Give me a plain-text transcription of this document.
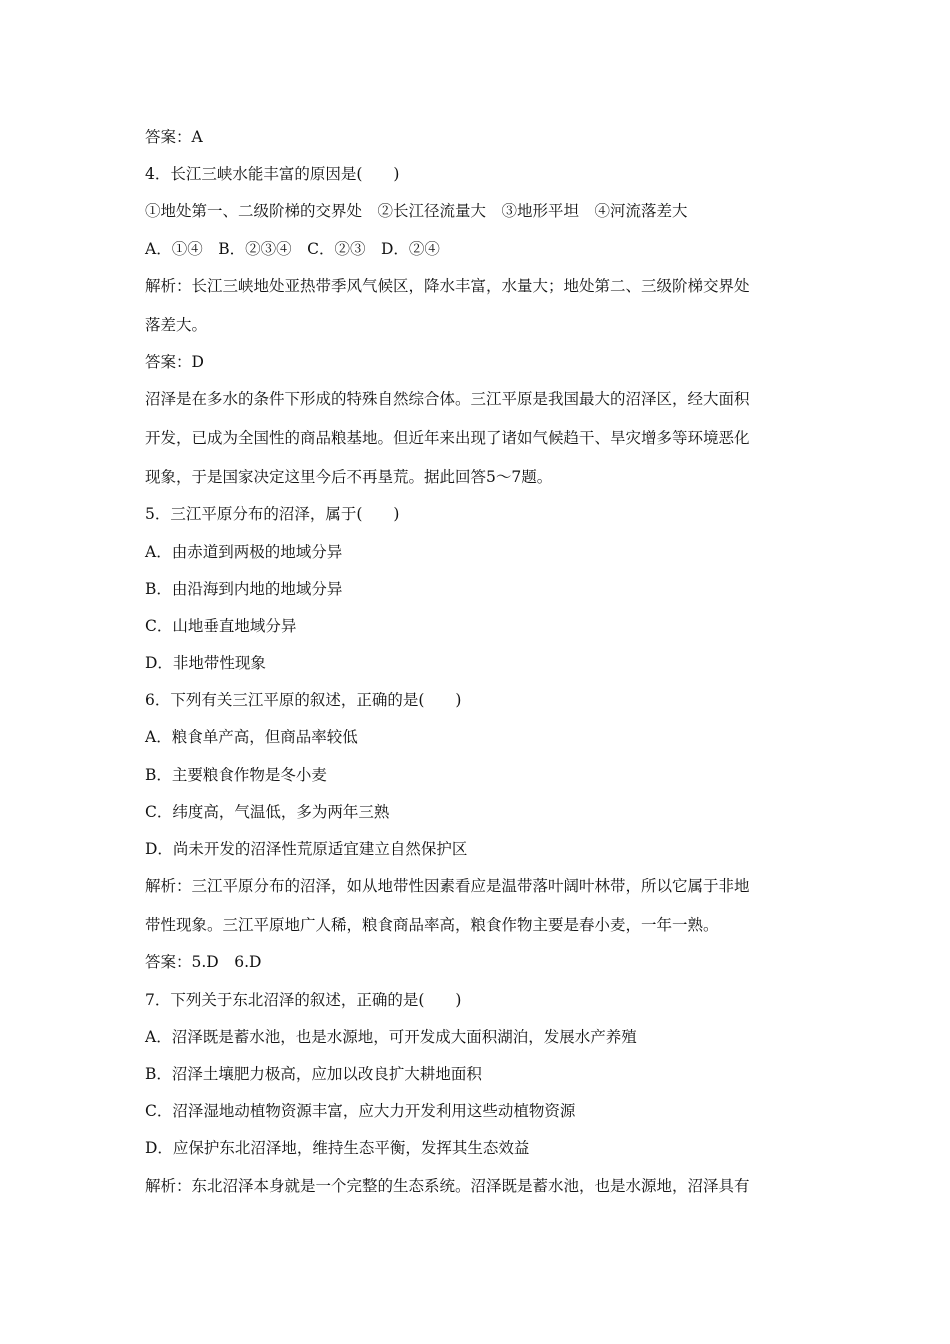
答案：A
4．长江三峡水能丰富的原因是(　　)
①地处第一、二级阶梯的交界处　②长江径流量大　③地形平坦　④河流落差大
A．①④　B．②③④　C．②③　D．②④
解析：长江三峡地处亚热带季风气候区，降水丰富，水量大；地处第二、三级阶梯交界处
落差大。
答案：D
沼泽是在多水的条件下形成的特殊自然综合体。三江平原是我国最大的沼泽区，经大面积
开发，已成为全国性的商品粮基地。但近年来出现了诸如气候趋干、旱灾增多等环境恶化
现象，于是国家决定这里今后不再垦荒。据此回答5～7题。
5．三江平原分布的沼泽，属于(　　)
A．由赤道到两极的地域分异
B．由沿海到内地的地域分异
C．山地垂直地域分异
D．非地带性现象
6．下列有关三江平原的叙述，正确的是(　　)
A．粮食单产高，但商品率较低
B．主要粮食作物是冬小麦
C．纬度高，气温低，多为两年三熟
D．尚未开发的沼泽性荒原适宜建立自然保护区
解析：三江平原分布的沼泽，如从地带性因素看应是温带落叶阔叶林带，所以它属于非地
带性现象。三江平原地广人稀，粮食商品率高，粮食作物主要是春小麦，一年一熟。
答案：5.D　6.D
7．下列关于东北沼泽的叙述，正确的是(　　)
A．沼泽既是蓄水池，也是水源地，可开发成大面积湖泊，发展水产养殖
B．沼泽土壤肥力极高，应加以改良扩大耕地面积
C．沼泽湿地动植物资源丰富，应大力开发利用这些动植物资源
D．应保护东北沼泽地，维持生态平衡，发挥其生态效益
解析：东北沼泽本身就是一个完整的生态系统。沼泽既是蓄水池，也是水源地，沼泽具有
